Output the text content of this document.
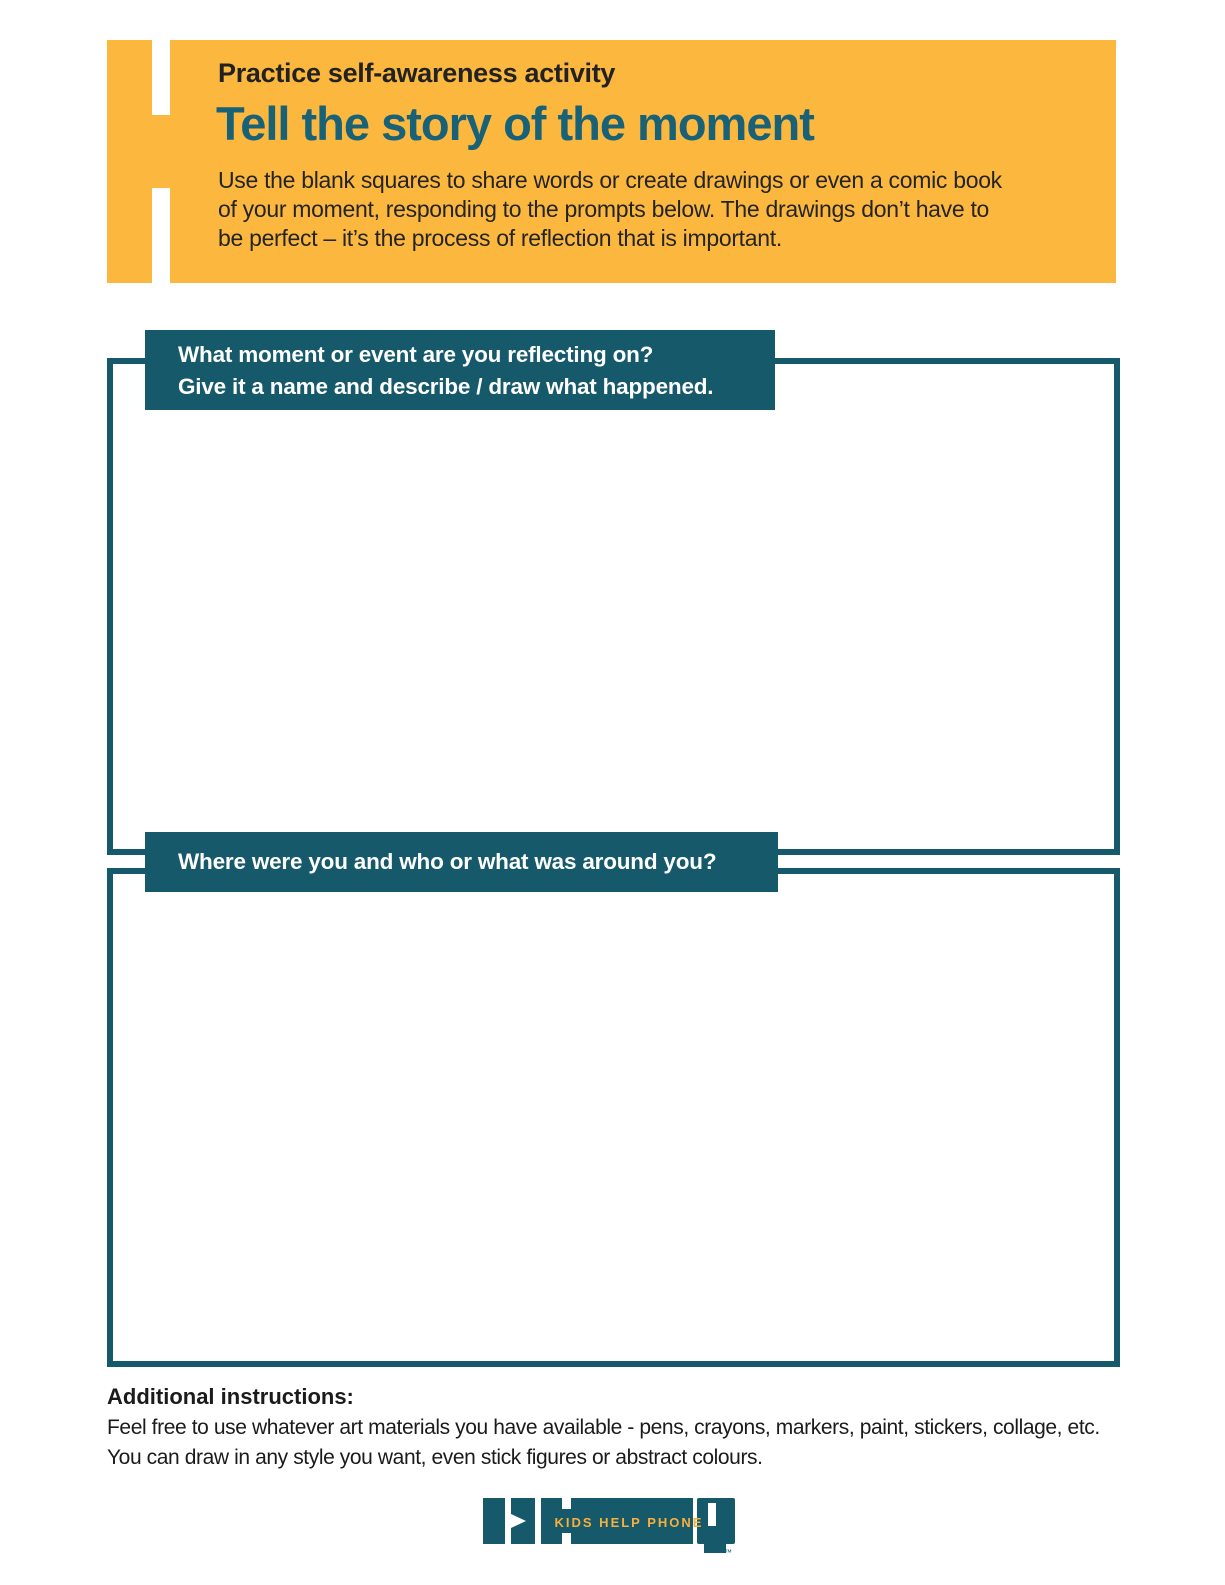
Practice self-awareness activity
Tell the story of the moment
Use the blank squares to share words or create drawings or even a comic book
of your moment, responding to the prompts below. The drawings don’t have to
be perfect – it’s the process of reflection that is important.
What moment or event are you reflecting on?
Give it a name and describe / draw what happened.
Where were you and who or what was around you?
Additional instructions:
Feel free to use whatever art materials you have available - pens, crayons, markers, paint, stickers, collage, etc.
You can draw in any style you want, even stick figures or abstract colours.
KIDS HELP PHONE
™
